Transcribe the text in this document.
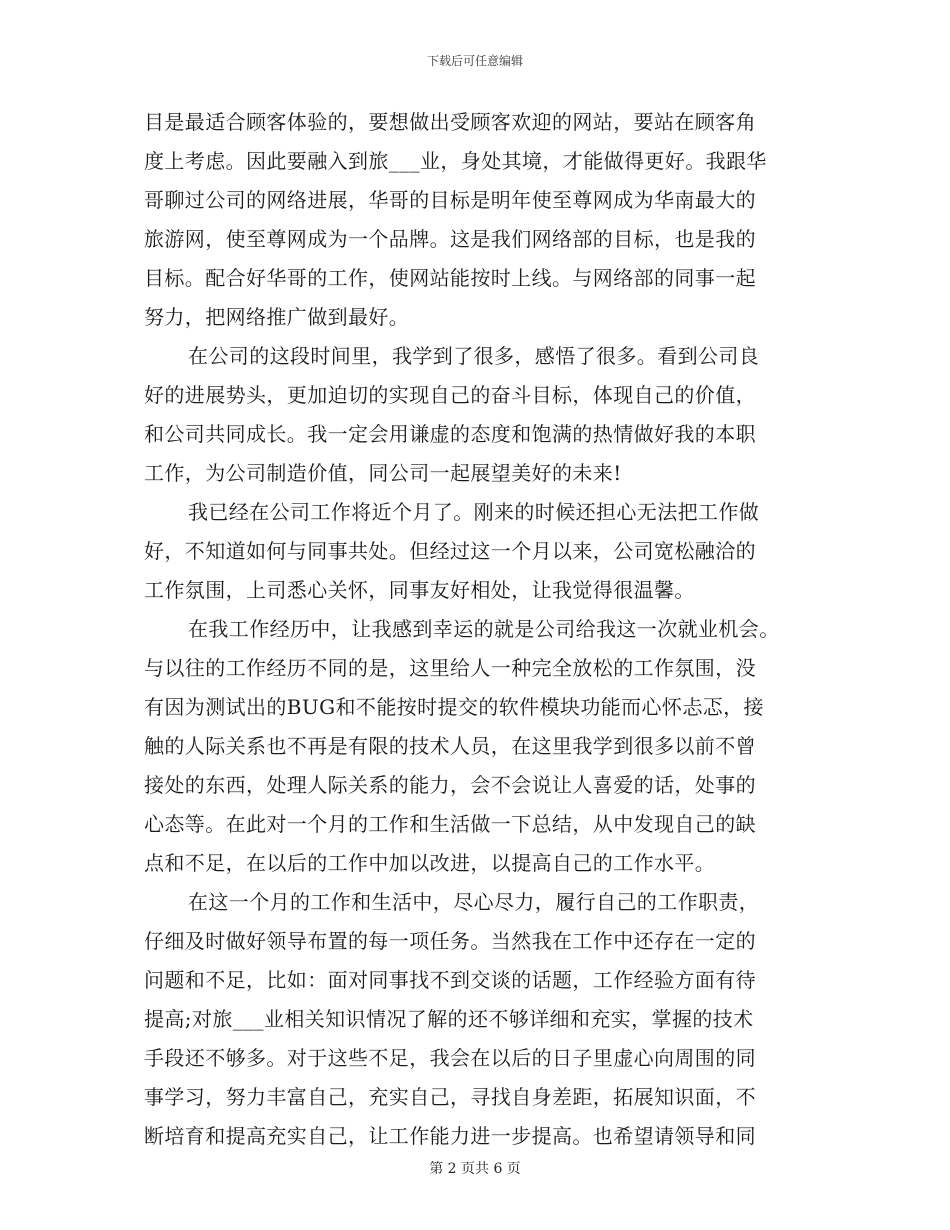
下载后可任意编辑
目是最适合顾客体验的，要想做出受顾客欢迎的网站，要站在顾客角
度上考虑。因此要融入到旅___业，身处其境，才能做得更好。我跟华
哥聊过公司的网络进展，华哥的目标是明年使至尊网成为华南最大的
旅游网，使至尊网成为一个品牌。这是我们网络部的目标，也是我的
目标。配合好华哥的工作，使网站能按时上线。与网络部的同事一起
努力，把网络推广做到最好。
在公司的这段时间里，我学到了很多，感悟了很多。看到公司良
好的进展势头，更加迫切的实现自己的奋斗目标，体现自己的价值，
和公司共同成长。我一定会用谦虚的态度和饱满的热情做好我的本职
工作，为公司制造价值，同公司一起展望美好的未来!
我已经在公司工作将近个月了。刚来的时候还担心无法把工作做
好，不知道如何与同事共处。但经过这一个月以来，公司宽松融洽的
工作氛围，上司悉心关怀，同事友好相处，让我觉得很温馨。
在我工作经历中，让我感到幸运的就是公司给我这一次就业机会。
与以往的工作经历不同的是，这里给人一种完全放松的工作氛围，没
有因为测试出的BUG和不能按时提交的软件模块功能而心怀忐忑，接
触的人际关系也不再是有限的技术人员，在这里我学到很多以前不曾
接处的东西，处理人际关系的能力，会不会说让人喜爱的话，处事的
心态等。在此对一个月的工作和生活做一下总结，从中发现自己的缺
点和不足，在以后的工作中加以改进，以提高自己的工作水平。
在这一个月的工作和生活中，尽心尽力，履行自己的工作职责，
仔细及时做好领导布置的每一项任务。当然我在工作中还存在一定的
问题和不足，比如：面对同事找不到交谈的话题，工作经验方面有待
提高;对旅___业相关知识情况了解的还不够详细和充实，掌握的技术
手段还不够多。对于这些不足，我会在以后的日子里虚心向周围的同
事学习，努力丰富自己，充实自己，寻找自身差距，拓展知识面，不
断培育和提高充实自己，让工作能力进一步提高。也希望请领导和同
第 2 页共 6 页
